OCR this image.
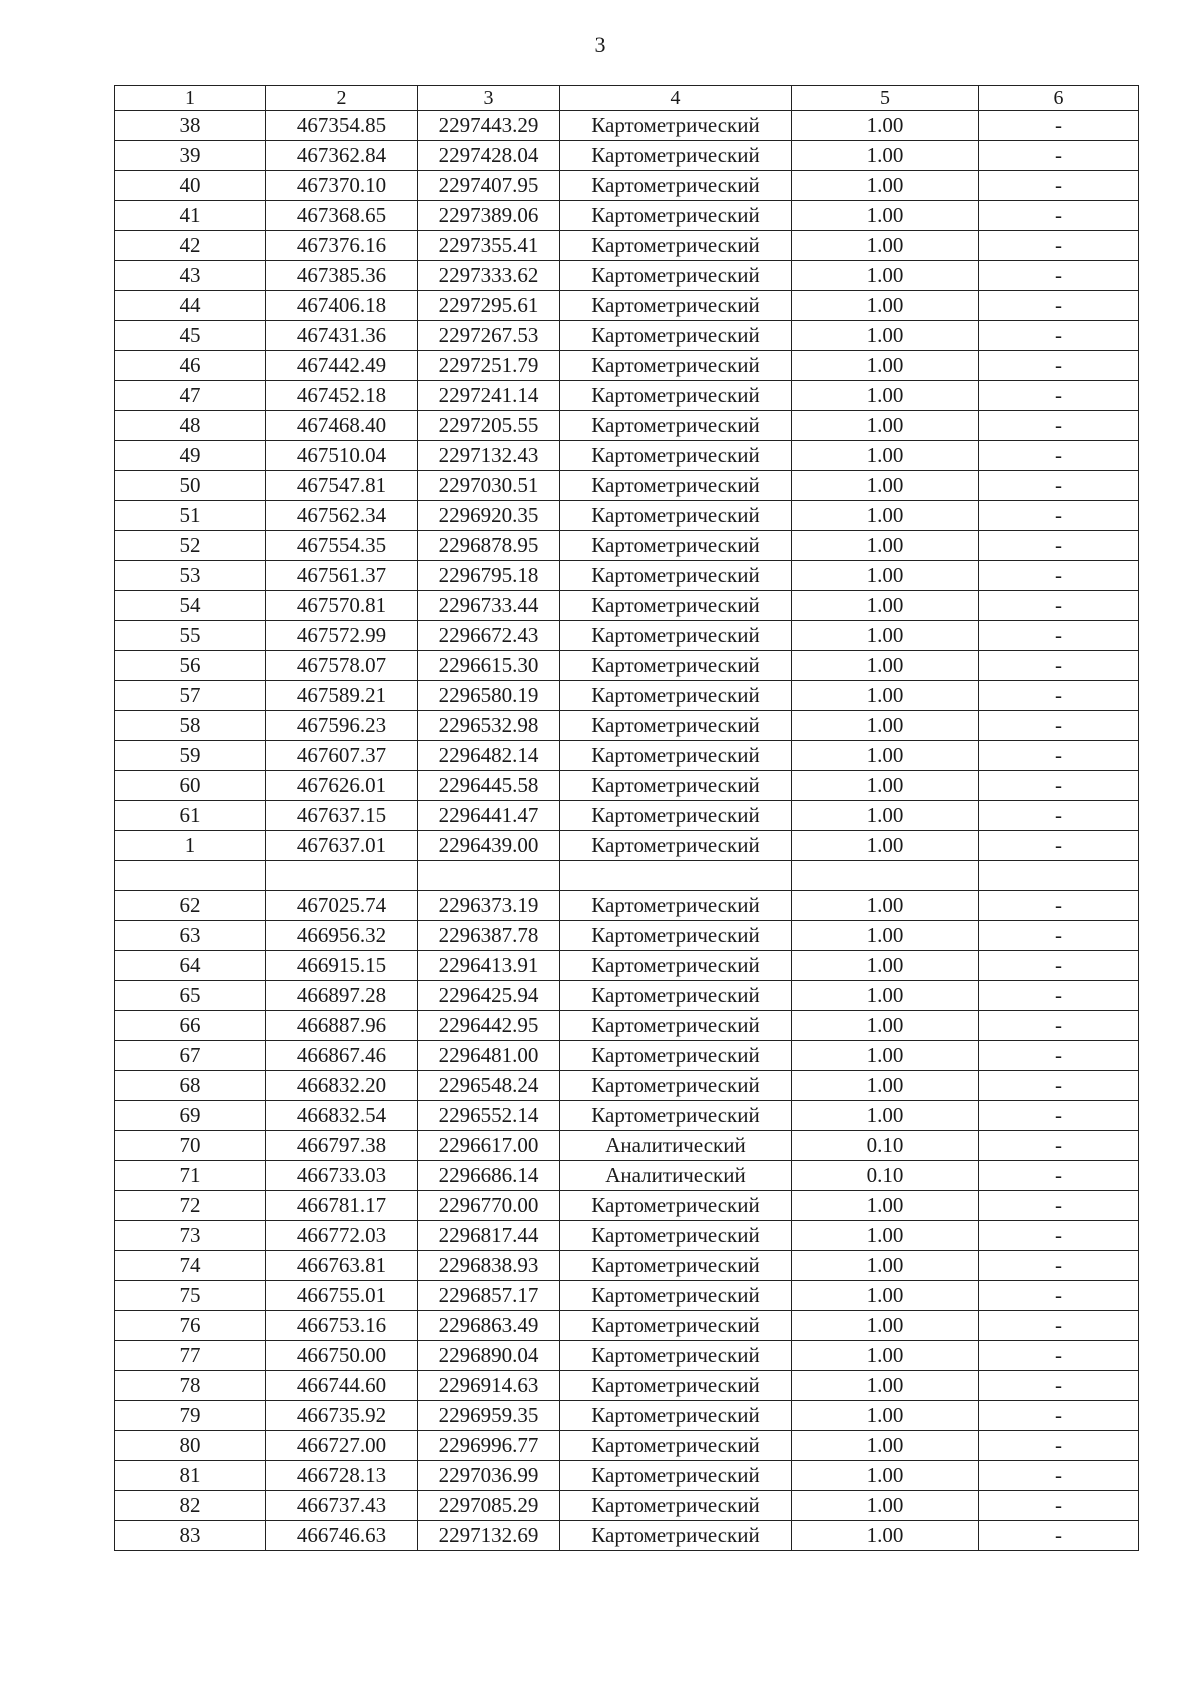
3
1	2	3	4	5	6
38	467354.85	2297443.29	Картометрический	1.00	-
39	467362.84	2297428.04	Картометрический	1.00	-
40	467370.10	2297407.95	Картометрический	1.00	-
41	467368.65	2297389.06	Картометрический	1.00	-
42	467376.16	2297355.41	Картометрический	1.00	-
43	467385.36	2297333.62	Картометрический	1.00	-
44	467406.18	2297295.61	Картометрический	1.00	-
45	467431.36	2297267.53	Картометрический	1.00	-
46	467442.49	2297251.79	Картометрический	1.00	-
47	467452.18	2297241.14	Картометрический	1.00	-
48	467468.40	2297205.55	Картометрический	1.00	-
49	467510.04	2297132.43	Картометрический	1.00	-
50	467547.81	2297030.51	Картометрический	1.00	-
51	467562.34	2296920.35	Картометрический	1.00	-
52	467554.35	2296878.95	Картометрический	1.00	-
53	467561.37	2296795.18	Картометрический	1.00	-
54	467570.81	2296733.44	Картометрический	1.00	-
55	467572.99	2296672.43	Картометрический	1.00	-
56	467578.07	2296615.30	Картометрический	1.00	-
57	467589.21	2296580.19	Картометрический	1.00	-
58	467596.23	2296532.98	Картометрический	1.00	-
59	467607.37	2296482.14	Картометрический	1.00	-
60	467626.01	2296445.58	Картометрический	1.00	-
61	467637.15	2296441.47	Картометрический	1.00	-
1	467637.01	2296439.00	Картометрический	1.00	-

62	467025.74	2296373.19	Картометрический	1.00	-
63	466956.32	2296387.78	Картометрический	1.00	-
64	466915.15	2296413.91	Картометрический	1.00	-
65	466897.28	2296425.94	Картометрический	1.00	-
66	466887.96	2296442.95	Картометрический	1.00	-
67	466867.46	2296481.00	Картометрический	1.00	-
68	466832.20	2296548.24	Картометрический	1.00	-
69	466832.54	2296552.14	Картометрический	1.00	-
70	466797.38	2296617.00	Аналитический	0.10	-
71	466733.03	2296686.14	Аналитический	0.10	-
72	466781.17	2296770.00	Картометрический	1.00	-
73	466772.03	2296817.44	Картометрический	1.00	-
74	466763.81	2296838.93	Картометрический	1.00	-
75	466755.01	2296857.17	Картометрический	1.00	-
76	466753.16	2296863.49	Картометрический	1.00	-
77	466750.00	2296890.04	Картометрический	1.00	-
78	466744.60	2296914.63	Картометрический	1.00	-
79	466735.92	2296959.35	Картометрический	1.00	-
80	466727.00	2296996.77	Картометрический	1.00	-
81	466728.13	2297036.99	Картометрический	1.00	-
82	466737.43	2297085.29	Картометрический	1.00	-
83	466746.63	2297132.69	Картометрический	1.00	-
